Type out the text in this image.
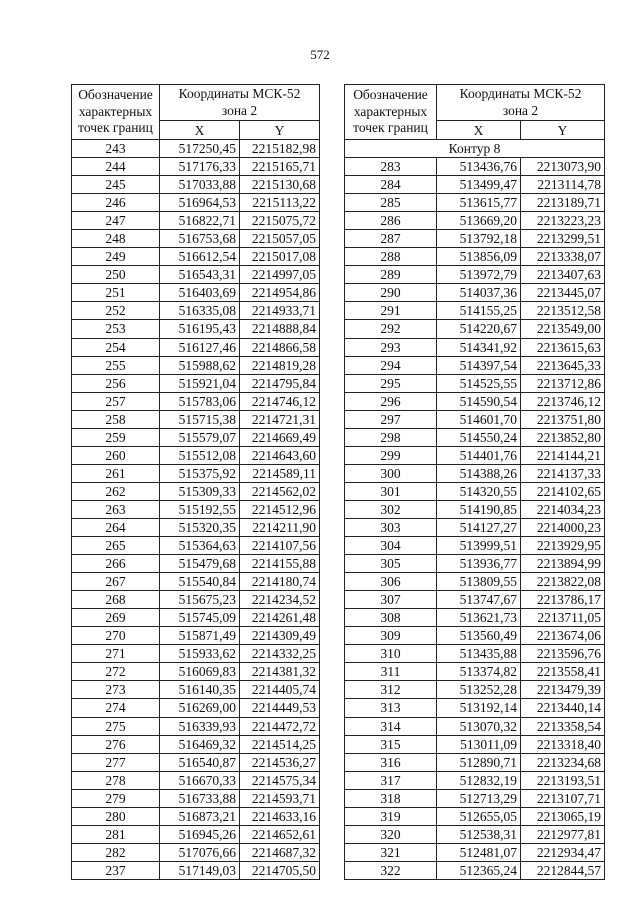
572
Обозначение
характерных
точек границ	Координаты МСК-52
зона 2	

	X	Y
243	517250,45	2215182,98
244	517176,33	2215165,71
245	517033,88	2215130,68
246	516964,53	2215113,22
247	516822,71	2215075,72
248	516753,68	2215057,05
249	516612,54	2215017,08
250	516543,31	2214997,05
251	516403,69	2214954,86
252	516335,08	2214933,71
253	516195,43	2214888,84
254	516127,46	2214866,58
255	515988,62	2214819,28
256	515921,04	2214795,84
257	515783,06	2214746,12
258	515715,38	2214721,31
259	515579,07	2214669,49
260	515512,08	2214643,60
261	515375,92	2214589,11
262	515309,33	2214562,02
263	515192,55	2214512,96
264	515320,35	2214211,90
265	515364,63	2214107,56
266	515479,68	2214155,88
267	515540,84	2214180,74
268	515675,23	2214234,52
269	515745,09	2214261,48
270	515871,49	2214309,49
271	515933,62	2214332,25
272	516069,83	2214381,32
273	516140,35	2214405,74
274	516269,00	2214449,53
275	516339,93	2214472,72
276	516469,32	2214514,25
277	516540,87	2214536,27
278	516670,33	2214575,34
279	516733,88	2214593,71
280	516873,21	2214633,16
281	516945,26	2214652,61
282	517076,66	2214687,32
237	517149,03	2214705,50
Обозначение
характерных
точек границ	Координаты МСК-52
зона 2	

	X	Y
Контур 8		
283	513436,76	2213073,90
284	513499,47	2213114,78
285	513615,77	2213189,71
286	513669,20	2213223,23
287	513792,18	2213299,51
288	513856,09	2213338,07
289	513972,79	2213407,63
290	514037,36	2213445,07
291	514155,25	2213512,58
292	514220,67	2213549,00
293	514341,92	2213615,63
294	514397,54	2213645,33
295	514525,55	2213712,86
296	514590,54	2213746,12
297	514601,70	2213751,80
298	514550,24	2213852,80
299	514401,76	2214144,21
300	514388,26	2214137,33
301	514320,55	2214102,65
302	514190,85	2214034,23
303	514127,27	2214000,23
304	513999,51	2213929,95
305	513936,77	2213894,99
306	513809,55	2213822,08
307	513747,67	2213786,17
308	513621,73	2213711,05
309	513560,49	2213674,06
310	513435,88	2213596,76
311	513374,82	2213558,41
312	513252,28	2213479,39
313	513192,14	2213440,14
314	513070,32	2213358,54
315	513011,09	2213318,40
316	512890,71	2213234,68
317	512832,19	2213193,51
318	512713,29	2213107,71
319	512655,05	2213065,19
320	512538,31	2212977,81
321	512481,07	2212934,47
322	512365,24	2212844,57
